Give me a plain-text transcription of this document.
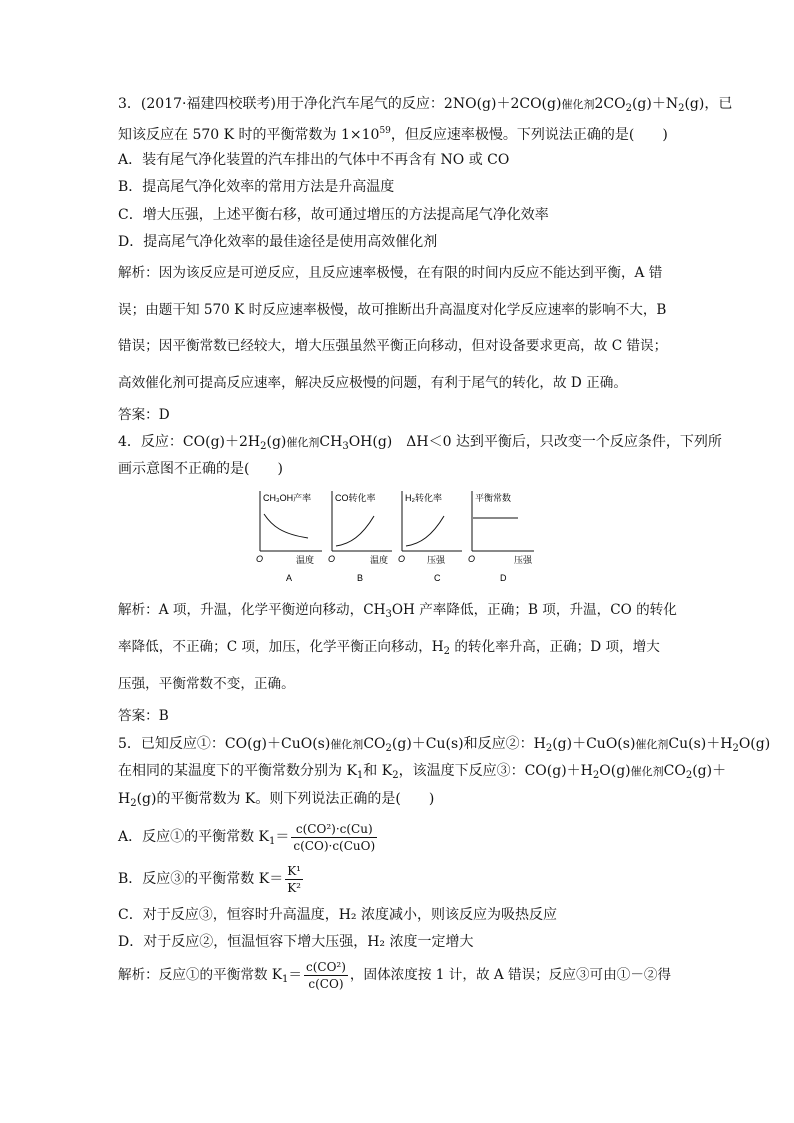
3．(2017·福建四校联考)用于净化汽车尾气的反应：2NO(g)＋2CO(g)催化剂$2CO_2(g)+N_2(g)$，已
知该反应在 570 K 时的平衡常数为 $1\times 10^{59}$，但反应速率极慢。下列说法正确的是(　　)
A．装有尾气净化装置的汽车排出的气体中不再含有 NO 或 CO
B．提高尾气净化效率的常用方法是升高温度
C．增大压强，上述平衡右移，故可通过增压的方法提高尾气净化效率
D．提高尾气净化效率的最佳途径是使用高效催化剂
解析：因为该反应是可逆反应，且反应速率极慢，在有限的时间内反应不能达到平衡，A 错
误；由题干知 570 K 时反应速率极慢，故可推断出升高温度对化学反应速率的影响不大，B
错误；因平衡常数已经较大，增大压强虽然平衡正向移动，但对设备要求更高，故 C 错误；
高效催化剂可提高反应速率，解决反应极慢的问题，有利于尾气的转化，故 D 正确。
答案：D
4．反应：$CO(g)+2H_2(g)$催化剂$CH_3OH(g)$　ΔH＜0 达到平衡后，只改变一个反应条件，下列所
画示意图不正确的是(　　)
CH₃OH产率
O	温度
A
CO转化率
O	温度
B
H₂转化率
O 压强
C
平衡常数
O	压强
D
解析：A 项，升温，化学平衡逆向移动，$CH_3OH$ 产率降低，正确；B 项，升温，CO 的转化
率降低，不正确；C 项，加压，化学平衡正向移动，$H_2$ 的转化率升高，正确；D 项，增大
压强，平衡常数不变，正确。
答案：B
5．已知反应①：CO(g)＋CuO(s)催化剂$CO_2(g)+Cu(s)$和反应②：$H_2(g)+CuO(s)$催化剂$Cu(s)+H_2O(g)$
在相同的某温度下的平衡常数分别为 $K_1$和 $K_2$，该温度下反应③：$CO(g)+H_2O(g)$催化剂$CO_2(g)+$
$H_2(g)$的平衡常数为 K。则下列说法正确的是(　　)
A．反应①的平衡常数 $K_1= \frac{\text{c(CO²)·c(Cu)}}{\text{c(CO)·c(CuO)}}$
B．反应③的平衡常数 $K= \frac{\text{K¹}}{\text{K²}}$
C．对于反应③，恒容时升高温度，H₂ 浓度减小，则该反应为吸热反应
D．对于反应②，恒温恒容下增大压强，H₂ 浓度一定增大
解析：反应①的平衡常数 $K_1= \frac{\text{c(CO²)}}{c(CO)}$ ，固体浓度按 1 计，故 A 错误；反应③可由①－②得
